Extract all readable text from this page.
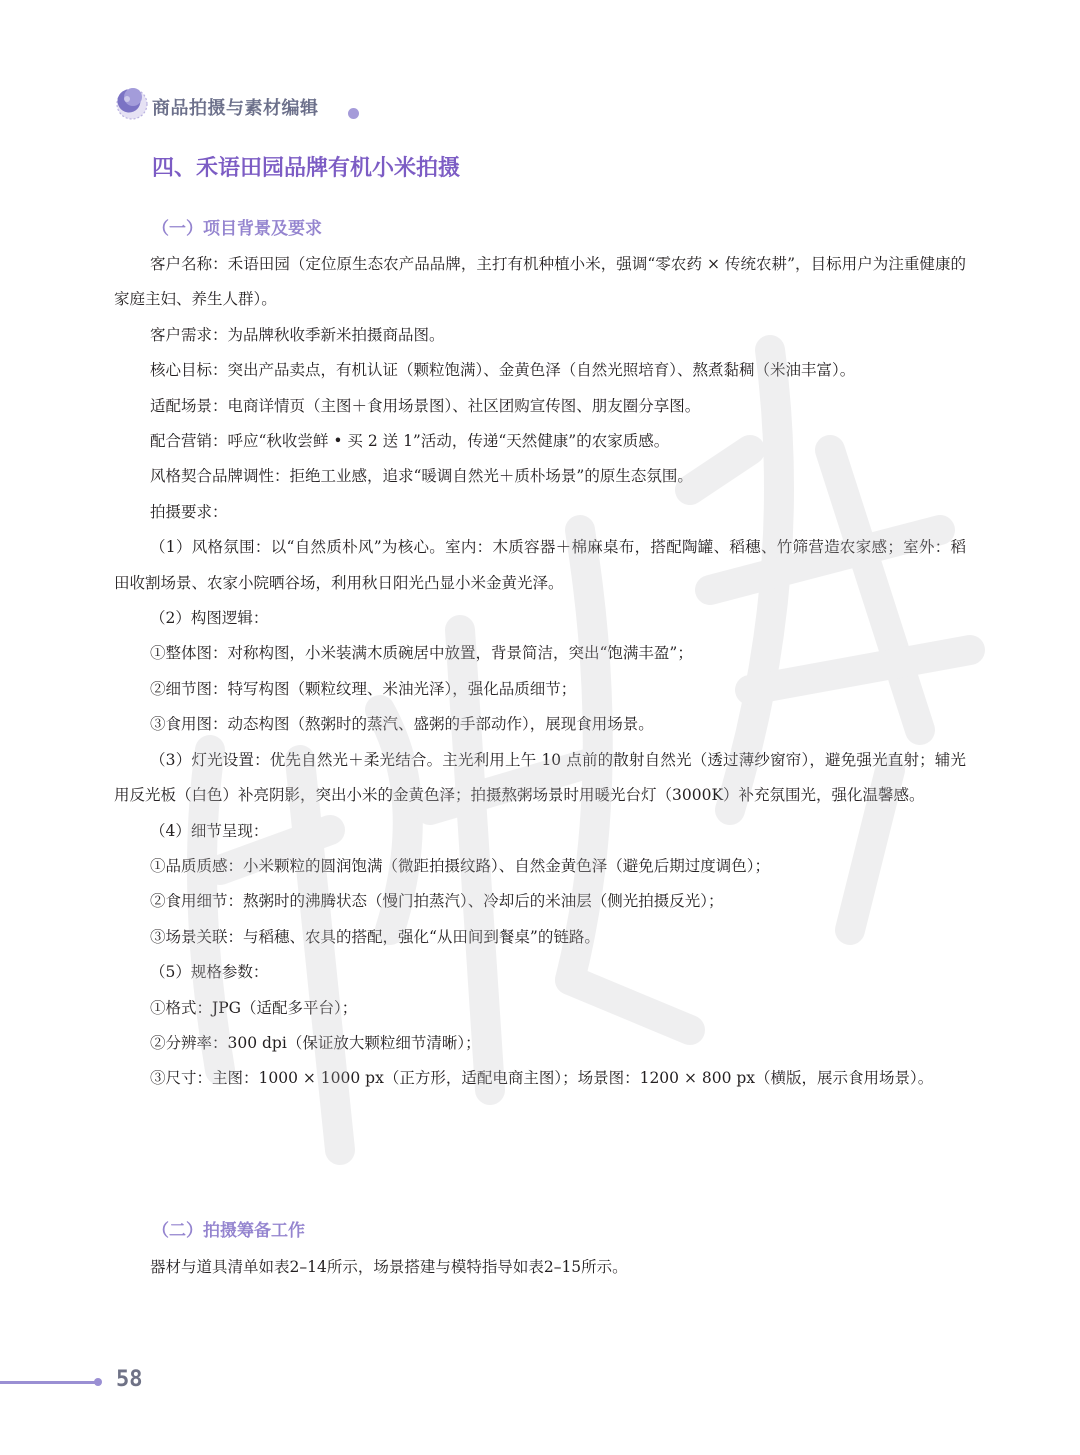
商品拍摄与素材编辑
四、禾语田园品牌有机小米拍摄
（一）项目背景及要求

客户名称：禾语田园（定位原生态农产品品牌，主打有机种植小米，强调“零农药 × 传统农耕”，目标用户为注重健康的家庭主妇、养生人群）。

客户需求：为品牌秋收季新米拍摄商品图。

核心目标：突出产品卖点，有机认证（颗粒饱满）、金黄色泽（自然光照培育）、熬煮黏稠（米油丰富）。

适配场景：电商详情页（主图＋食用场景图）、社区团购宣传图、朋友圈分享图。

配合营销：呼应“秋收尝鲜 • 买 2 送 1”活动，传递“天然健康”的农家质感。

风格契合品牌调性：拒绝工业感，追求“暖调自然光＋质朴场景”的原生态氛围。

拍摄要求：

（1）风格氛围：以“自然质朴风”为核心。室内：木质容器＋棉麻桌布，搭配陶罐、稻穗、竹筛营造农家感；室外：稻田收割场景、农家小院晒谷场，利用秋日阳光凸显小米金黄光泽。

（2）构图逻辑：

①整体图：对称构图，小米装满木质碗居中放置，背景简洁，突出“饱满丰盈”；

②细节图：特写构图（颗粒纹理、米油光泽），强化品质细节；

③食用图：动态构图（熬粥时的蒸汽、盛粥的手部动作），展现食用场景。

（3）灯光设置：优先自然光＋柔光结合。主光利用上午 10 点前的散射自然光（透过薄纱窗帘），避免强光直射；辅光用反光板（白色）补亮阴影，突出小米的金黄色泽；拍摄熬粥场景时用暖光台灯（3000K）补充氛围光，强化温馨感。

（4）细节呈现：

①品质质感：小米颗粒的圆润饱满（微距拍摄纹路）、自然金黄色泽（避免后期过度调色）；

②食用细节：熬粥时的沸腾状态（慢门拍蒸汽）、冷却后的米油层（侧光拍摄反光）；

③场景关联：与稻穗、农具的搭配，强化“从田间到餐桌”的链路。

（5）规格参数：

①格式：JPG（适配多平台）；

②分辨率：300 dpi（保证放大颗粒细节清晰）；

③尺寸：主图：1000 × 1000 px（正方形，适配电商主图）；场景图：1200 × 800 px（横版，展示食用场景）。

（二）拍摄筹备工作

器材与道具清单如表2–14所示，场景搭建与模特指导如表2–15所示。

58
